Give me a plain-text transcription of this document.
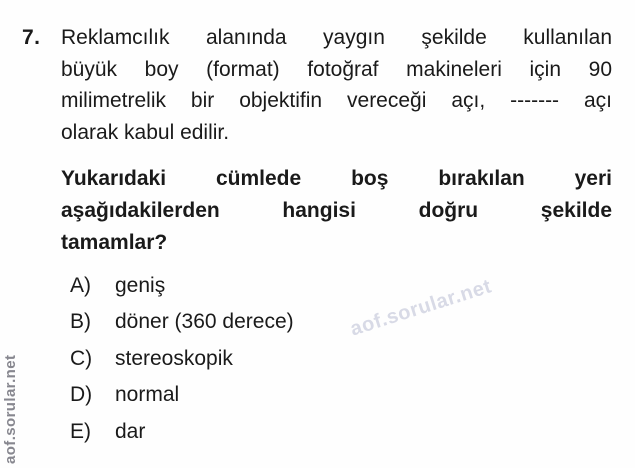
7. Reklamcılık alanında yaygın şekilde kullanılan
büyük boy (format) fotoğraf makineleri için 90
milimetrelik bir objektifin vereceği açı, ------- açı
olarak kabul edilir.
Yukarıdaki cümlede boş bırakılan yeri
aşağıdakilerden hangisi doğru şekilde
tamamlar?
A)	geniş
B)	döner (360 derece)
C)	stereoskopik
D)	normal
E)	dar
aof.sorular.net
aof.sorular.net
